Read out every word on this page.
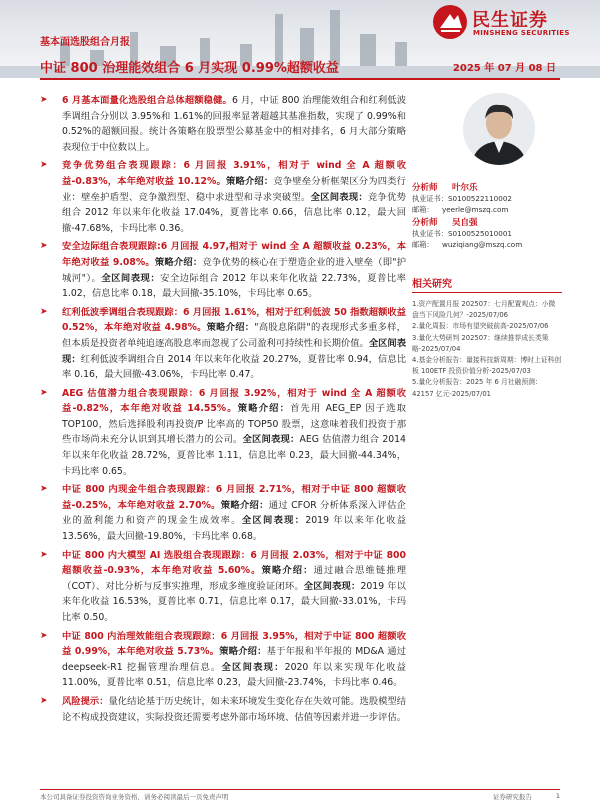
基本面选股组合月报
中证 800 治理能效组合 6 月实现 0.99%超额收益	2025 年 07 月 08 日
民生证券
MINSHENG SECURITIES
➤ 6 月基本面量化选股组合总体超额稳健。6 月，中证 800 治理能效组合和红利低波季调组合分别以 3.95%和 1.61%的回报率显著超越其基准指数，实现了 0.99%和 0.52%的超额回报。统计各策略在股票型公募基金中的相对排名，6 月大部分策略表现位于中位数以上。
➤ 竞争优势组合表现跟踪：6 月回报 3.91%，相对于 wind 全 A 超额收益-0.83%，本年绝对收益 10.12%。策略介绍：竞争壁垒分析框架区分为四类行业：壁垒护盾型、竞争激烈型、稳中求进型和寻求突破型。全区间表现：竞争优势组合 2012 年以来年化收益 17.04%，夏普比率 0.66，信息比率 0.12，最大回撤-47.68%，卡玛比率 0.36。
➤ 安全边际组合表现跟踪:6 月回报 4.97,相对于 wind 全 A 超额收益 0.23%，本年绝对收益 9.08%。策略介绍：竞争优势的核心在于塑造企业的进入壁垒（即"护城河"）。全区间表现：安全边际组合 2012 年以来年化收益 22.73%，夏普比率 1.02，信息比率 0.18，最大回撤-35.10%，卡玛比率 0.65。
➤ 红利低波季调组合表现跟踪：6 月回报 1.61%，相对于红利低波 50 指数超额收益 0.52%，本年绝对收益 4.98%。策略介绍："高股息陷阱"的表现形式多重多样，但本质是投资者单纯追逐高股息率而忽视了公司盈利可持续性和长期价值。全区间表现：红利低波季调组合自 2014 年以来年化收益 20.27%，夏普比率 0.94，信息比率 0.16，最大回撤-43.06%，卡玛比率 0.47。
➤ AEG 估值潜力组合表现跟踪：6 月回报 3.92%，相对于 wind 全 A 超额收益-0.82%，本年绝对收益 14.55%。策略介绍：首先用 AEG_EP 因子选取 TOP100，然后选择股利再投资/P 比率高的 TOP50 股票，这意味着我们投资于那些市场尚未充分认识到其增长潜力的公司。全区间表现：AEG 估值潜力组合 2014 年以来年化收益 28.72%，夏普比率 1.11，信息比率 0.23，最大回撤-44.34%，卡玛比率 0.65。
➤ 中证 800 内现金牛组合表现跟踪：6 月回报 2.71%，相对于中证 800 超额收益-0.25%，本年绝对收益 2.70%。策略介绍：通过 CFOR 分析体系深入评估企业的盈利能力和资产的现金生成效率。全区间表现：2019 年以来年化收益 13.56%，最大回撤-19.80%，卡玛比率 0.68。
➤ 中证 800 内大模型 AI 选股组合表现跟踪：6 月回报 2.03%，相对于中证 800 超额收益-0.93%，本年绝对收益 5.60%。策略介绍：通过融合思维链推理（COT）、对比分析与反事实推理，形成多维度验证闭环。全区间表现：2019 年以来年化收益 16.53%，夏普比率 0.71，信息比率 0.17，最大回撤-33.01%，卡玛比率 0.50。
➤ 中证 800 内治理效能组合表现跟踪：6 月回报 3.95%，相对于中证 800 超额收益 0.99%，本年绝对收益 5.73%。策略介绍：基于年报和半年报的 MD&A 通过 deepseek-R1 挖掘管理治理信息。全区间表现：2020 年以来实现年化收益 11.00%，夏普比率 0.51，信息比率 0.23，最大回撤-23.74%，卡玛比率 0.46。
➤ 风险提示：量化结论基于历史统计，如未来环境发生变化存在失效可能。选股模型结论不构成投资建议，实际投资还需要考虑外部市场环境、估值等因素并进一步评估。
分析师	叶尔乐
执业证书： S0100522110002
邮箱：	yeerle@mszq.com
分析师	吴自强
执业证书： S0100525010001
邮箱：	wuziqiang@mszq.com
相关研究
1.资产配置月报 202507：七月配置观点：小微盘当下风险几何？-2025/07/06
2.量化周报：市场有望突破前高-2025/07/06
3.量化大势研判 202507：继续推荐成长类策略-2025/07/04
4.基金分析报告：量接科技新周期：博时上证科创板 100ETF 投资价值分析-2025/07/03
5.量化分析报告：2025 年 6 月社融预测：42157 亿元-2025/07/01
本公司具备证券投资咨询业务资格，请务必阅读最后一页免责声明	证券研究报告	1
